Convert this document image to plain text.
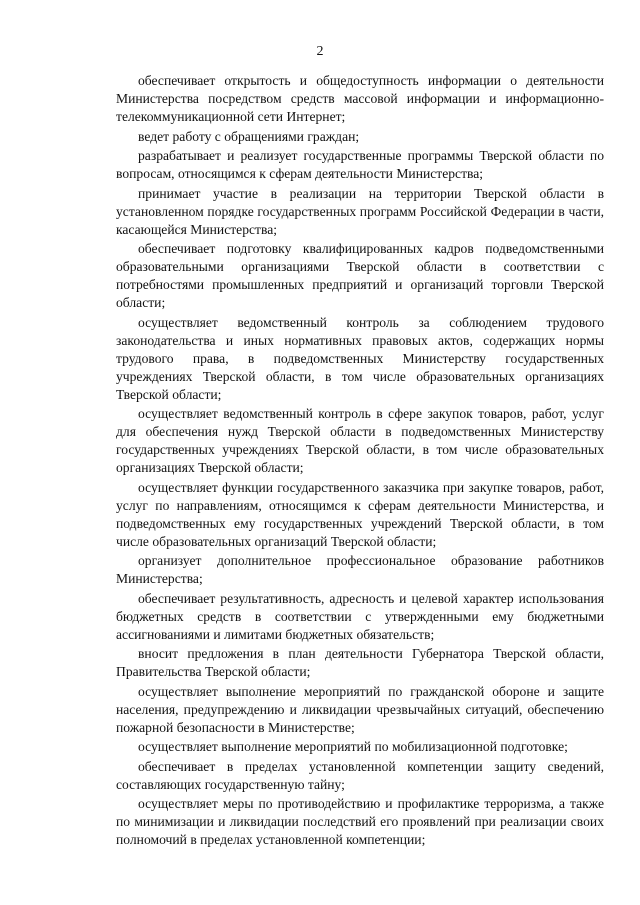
2

обеспечивает открытость и общедоступность информации о деятельности Министерства посредством средств массовой информации и информационно-телекоммуникационной сети Интернет;

ведет работу с обращениями граждан;

разрабатывает и реализует государственные программы Тверской области по вопросам, относящимся к сферам деятельности Министерства;

принимает участие в реализации на территории Тверской области в установленном порядке государственных программ Российской Федерации в части, касающейся Министерства;

обеспечивает подготовку квалифицированных кадров подведомственными образовательными организациями Тверской области в соответствии с потребностями промышленных предприятий и организаций торговли Тверской области;

осуществляет ведомственный контроль за соблюдением трудового законодательства и иных нормативных правовых актов, содержащих нормы трудового права, в подведомственных Министерству государственных учреждениях Тверской области, в том числе образовательных организациях Тверской области;

осуществляет ведомственный контроль в сфере закупок товаров, работ, услуг для обеспечения нужд Тверской области в подведомственных Министерству государственных учреждениях Тверской области, в том числе образовательных организациях Тверской области;

осуществляет функции государственного заказчика при закупке товаров, работ, услуг по направлениям, относящимся к сферам деятельности Министерства, и подведомственных ему государственных учреждений Тверской области, в том числе образовательных организаций Тверской области;

организует дополнительное профессиональное образование работников Министерства;

обеспечивает результативность, адресность и целевой характер использования бюджетных средств в соответствии с утвержденными ему бюджетными ассигнованиями и лимитами бюджетных обязательств;

вносит предложения в план деятельности Губернатора Тверской области, Правительства Тверской области;

осуществляет выполнение мероприятий по гражданской обороне и защите населения, предупреждению и ликвидации чрезвычайных ситуаций, обеспечению пожарной безопасности в Министерстве;

осуществляет выполнение мероприятий по мобилизационной подготовке;

обеспечивает в пределах установленной компетенции защиту сведений, составляющих государственную тайну;

осуществляет меры по противодействию и профилактике терроризма, а также по минимизации и ликвидации последствий его проявлений при реализации своих полномочий в пределах установленной компетенции;
